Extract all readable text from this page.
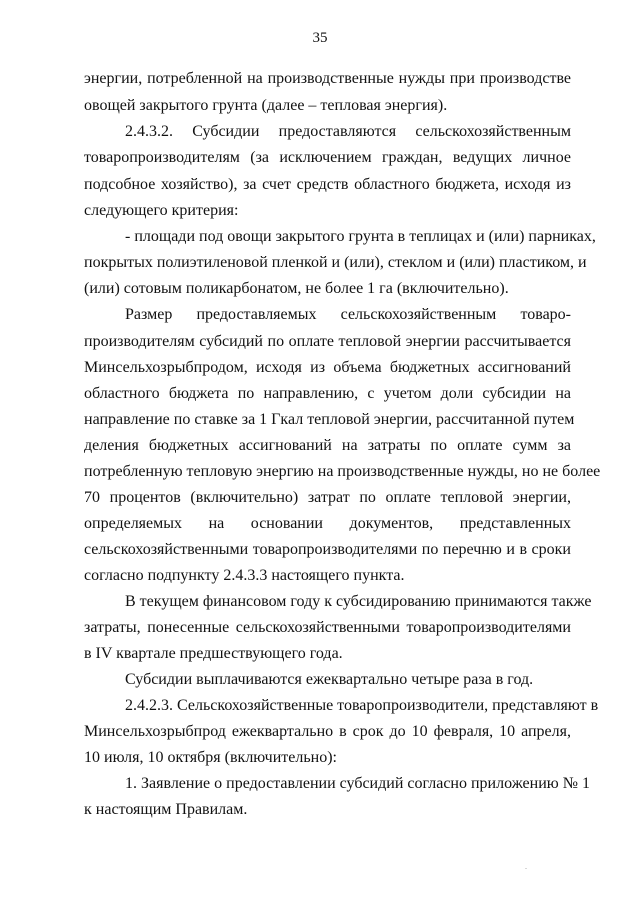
35
энергии, потребленной на производственные нужды при производстве
овощей закрытого грунта (далее – тепловая энергия).
2.4.3.2. Субсидии предоставляются сельскохозяйственным
товаропроизводителям (за исключением граждан, ведущих личное
подсобное хозяйство), за счет средств областного бюджета, исходя из
следующего критерия:
- площади под овощи закрытого грунта в теплицах и (или) парниках,
покрытых полиэтиленовой пленкой и (или), стеклом и (или) пластиком, и
(или) сотовым поликарбонатом, не более 1 га (включительно).
Размер предоставляемых сельскохозяйственным товаро-
производителям субсидий по оплате тепловой энергии рассчитывается
Минсельхозрыбпродом, исходя из объема бюджетных ассигнований
областного бюджета по направлению, с учетом доли субсидии на
направление по ставке за 1 Гкал тепловой энергии, рассчитанной путем
деления бюджетных ассигнований на затраты по оплате сумм за
потребленную тепловую энергию на производственные нужды, но не более
70 процентов (включительно) затрат по оплате тепловой энергии,
определяемых на основании документов, представленных
сельскохозяйственными товаропроизводителями по перечню и в сроки
согласно подпункту 2.4.3.3 настоящего пункта.
В текущем финансовом году к субсидированию принимаются также
затраты, понесенные сельскохозяйственными товаропроизводителями
в IV квартале предшествующего года.
Субсидии выплачиваются ежеквартально четыре раза в год.
2.4.2.3. Сельскохозяйственные товаропроизводители, представляют в
Минсельхозрыбпрод ежеквартально в срок до 10 февраля, 10 апреля,
10 июля, 10 октября (включительно):
1. Заявление о предоставлении субсидий согласно приложению № 1
к настоящим Правилам.
.
